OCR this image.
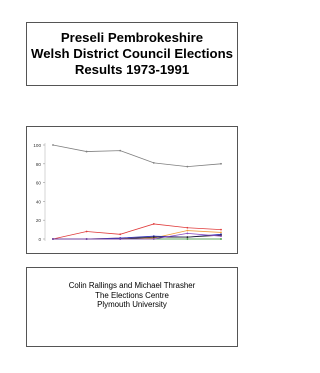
Preseli Pembrokeshire
Welsh District Council Elections
Results 1973-1991
0
20
40
60
80
100
Colin Rallings and Michael Thrasher
The Elections Centre
Plymouth University
